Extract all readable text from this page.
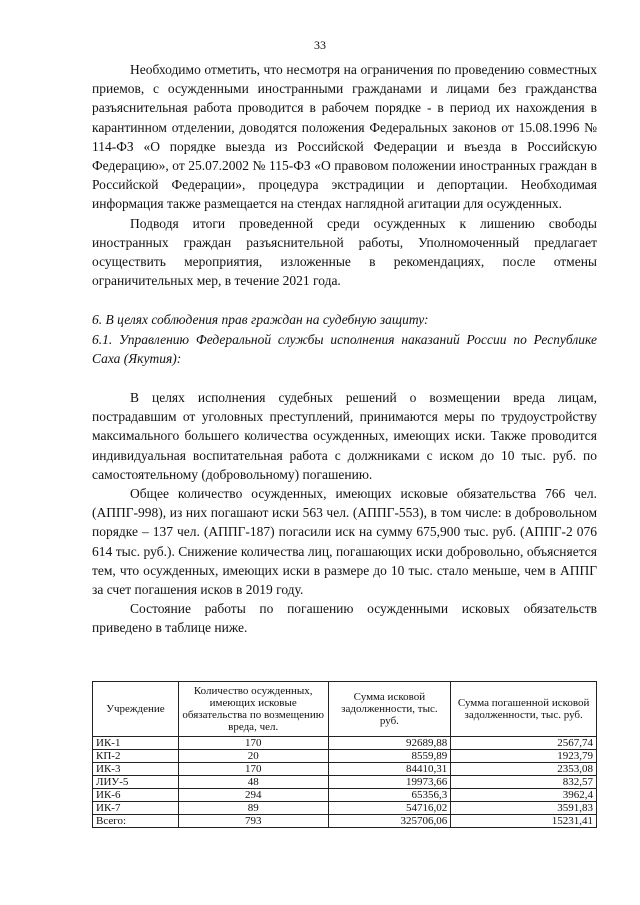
33

Необходимо отметить, что несмотря на ограничения по проведению совместных приемов, с осужденными иностранными гражданами и лицами без гражданства разъяснительная работа проводится в рабочем порядке - в период их нахождения в карантинном отделении, доводятся положения Федеральных законов от 15.08.1996 № 114-ФЗ «О порядке выезда из Российской Федерации и въезда в Российскую Федерацию», от 25.07.2002 № 115-ФЗ «О правовом положении иностранных граждан в Российской Федерации», процедура экстрадиции и депортации. Необходимая информация также размещается на стендах наглядной агитации для осужденных.

Подводя итоги проведенной среди осужденных к лишению свободы иностранных граждан разъяснительной работы, Уполномоченный предлагает осуществить мероприятия, изложенные в рекомендациях, после отмены ограничительных мер, в течение 2021 года.

6. В целях соблюдения прав граждан на судебную защиту:

6.1. Управлению Федеральной службы исполнения наказаний России по Республике Саха (Якутия):

В целях исполнения судебных решений о возмещении вреда лицам, пострадавшим от уголовных преступлений, принимаются меры по трудоустройству максимального большего количества осужденных, имеющих иски. Также проводится индивидуальная воспитательная работа с должниками с иском до 10 тыс. руб. по самостоятельному (добровольному) погашению.

Общее количество осужденных, имеющих исковые обязательства 766 чел. (АППГ-998), из них погашают иски 563 чел. (АППГ-553), в том числе: в добровольном порядке – 137 чел. (АППГ-187) погасили иск на сумму 675,900 тыс. руб. (АППГ-2 076 614 тыс. руб.). Снижение количества лиц, погашающих иски добровольно, объясняется тем, что осужденных, имеющих иски в размере до 10 тыс. стало меньше, чем в АППГ за счет погашения исков в 2019 году.

Состояние работы по погашению осужденными исковых обязательств приведено в таблице ниже.

Учреждение	Количество осужденных, имеющих исковые обязательства по возмещению вреда, чел.	Сумма исковой задолженности, тыс. руб.	Сумма погашенной исковой задолженности, тыс. руб.
ИК-1	170	92689,88	2567,74
КП-2	20	8559,89	1923,79
ИК-3	170	84410,31	2353,08
ЛИУ-5	48	19973,66	832,57
ИК-6	294	65356,3	3962,4
ИК-7	89	54716,02	3591,83
Всего:	793	325706,06	15231,41
